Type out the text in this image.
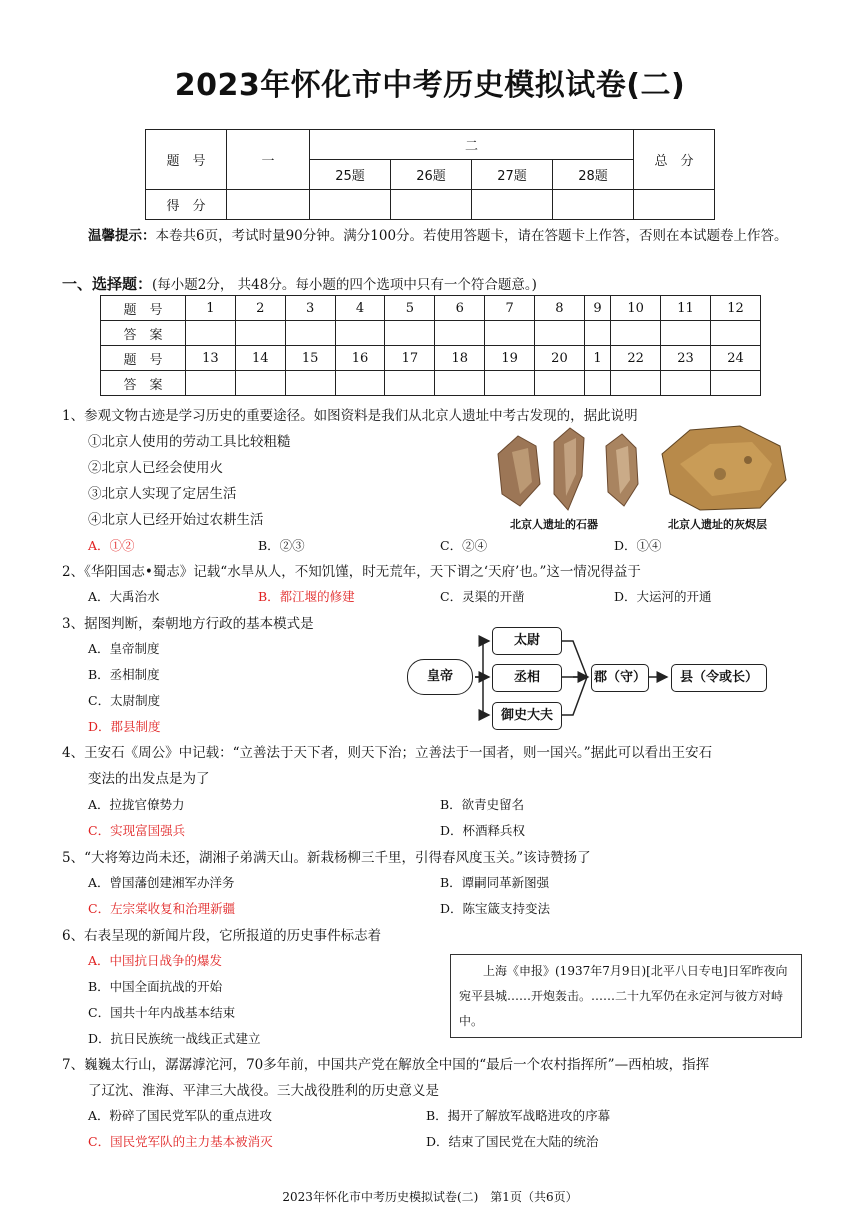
2023年怀化市中考历史模拟试卷(二)
题　号	一	二				总　分
		25题	26题	27题	28题	
得　分						
温馨提示：本卷共6页，考试时量90分钟。满分100分。若使用答题卡，请在答题卡上作答，否则在本试题卷上作答。
一、选择题：(每小题2分， 共48分。每小题的四个选项中只有一个符合题意。)
题　号	1	2	3	4	5	6	7	8	9	10	11	12
答　案												
题　号	13	14	15	16	17	18	19	20	1	22	23	24
答　案												
1、参观文物古迹是学习历史的重要途径。如图资料是我们从北京人遗址中考古发现的，据此说明
①北京人使用的劳动工具比较粗糙
②北京人已经会使用火
③北京人实现了定居生活
④北京人已经开始过农耕生活	北京人遗址的石器	北京人遗址的灰烬层
A．①②	B．②③	C．②④	D．①④
2、《华阳国志•蜀志》记载“水旱从人，不知饥馑，时无荒年，天下谓之‘天府’也。”这一情况得益于
A．大禹治水	B．都江堰的修建	C．灵渠的开凿	D．大运河的开通
3、据图判断，秦朝地方行政的基本模式是
A．皇帝制度
B．丞相制度
C．太尉制度
D．郡县制度
皇帝
太尉
丞相
御史大夫
郡（守）	县（令或长）
4、王安石《周公》中记载：“立善法于天下者，则天下治；立善法于一国者，则一国兴。”据此可以看出王安石
变法的出发点是为了
A．拉拢官僚势力	B．欲青史留名
C．实现富国强兵	D．杯酒释兵权
5、“大将筹边尚未还，湖湘子弟满天山。新栽杨柳三千里，引得春风度玉关。”该诗赞扬了
A．曾国藩创建湘军办洋务	B．谭嗣同革新图强
C．左宗棠收复和治理新疆	D．陈宝箴支持变法
6、右表呈现的新闻片段，它所报道的历史事件标志着
A．中国抗日战争的爆发
B．中国全面抗战的开始
C．国共十年内战基本结束
D．抗日民族统一战线正式建立
上海《申报》(1937年7月9日)[北平八日专电]日军昨夜向宛平县城……开炮轰击。……二十九军仍在永定河与彼方对峙中。
7、巍巍太行山，潺潺滹沱河，70多年前，中国共产党在解放全中国的“最后一个农村指挥所”—西柏坡，指挥
了辽沈、淮海、平津三大战役。三大战役胜利的历史意义是
A．粉碎了国民党军队的重点进攻	B．揭开了解放军战略进攻的序幕
C．国民党军队的主力基本被消灭	D．结束了国民党在大陆的统治
2023年怀化市中考历史模拟试卷(二)　第1页（共6页）
